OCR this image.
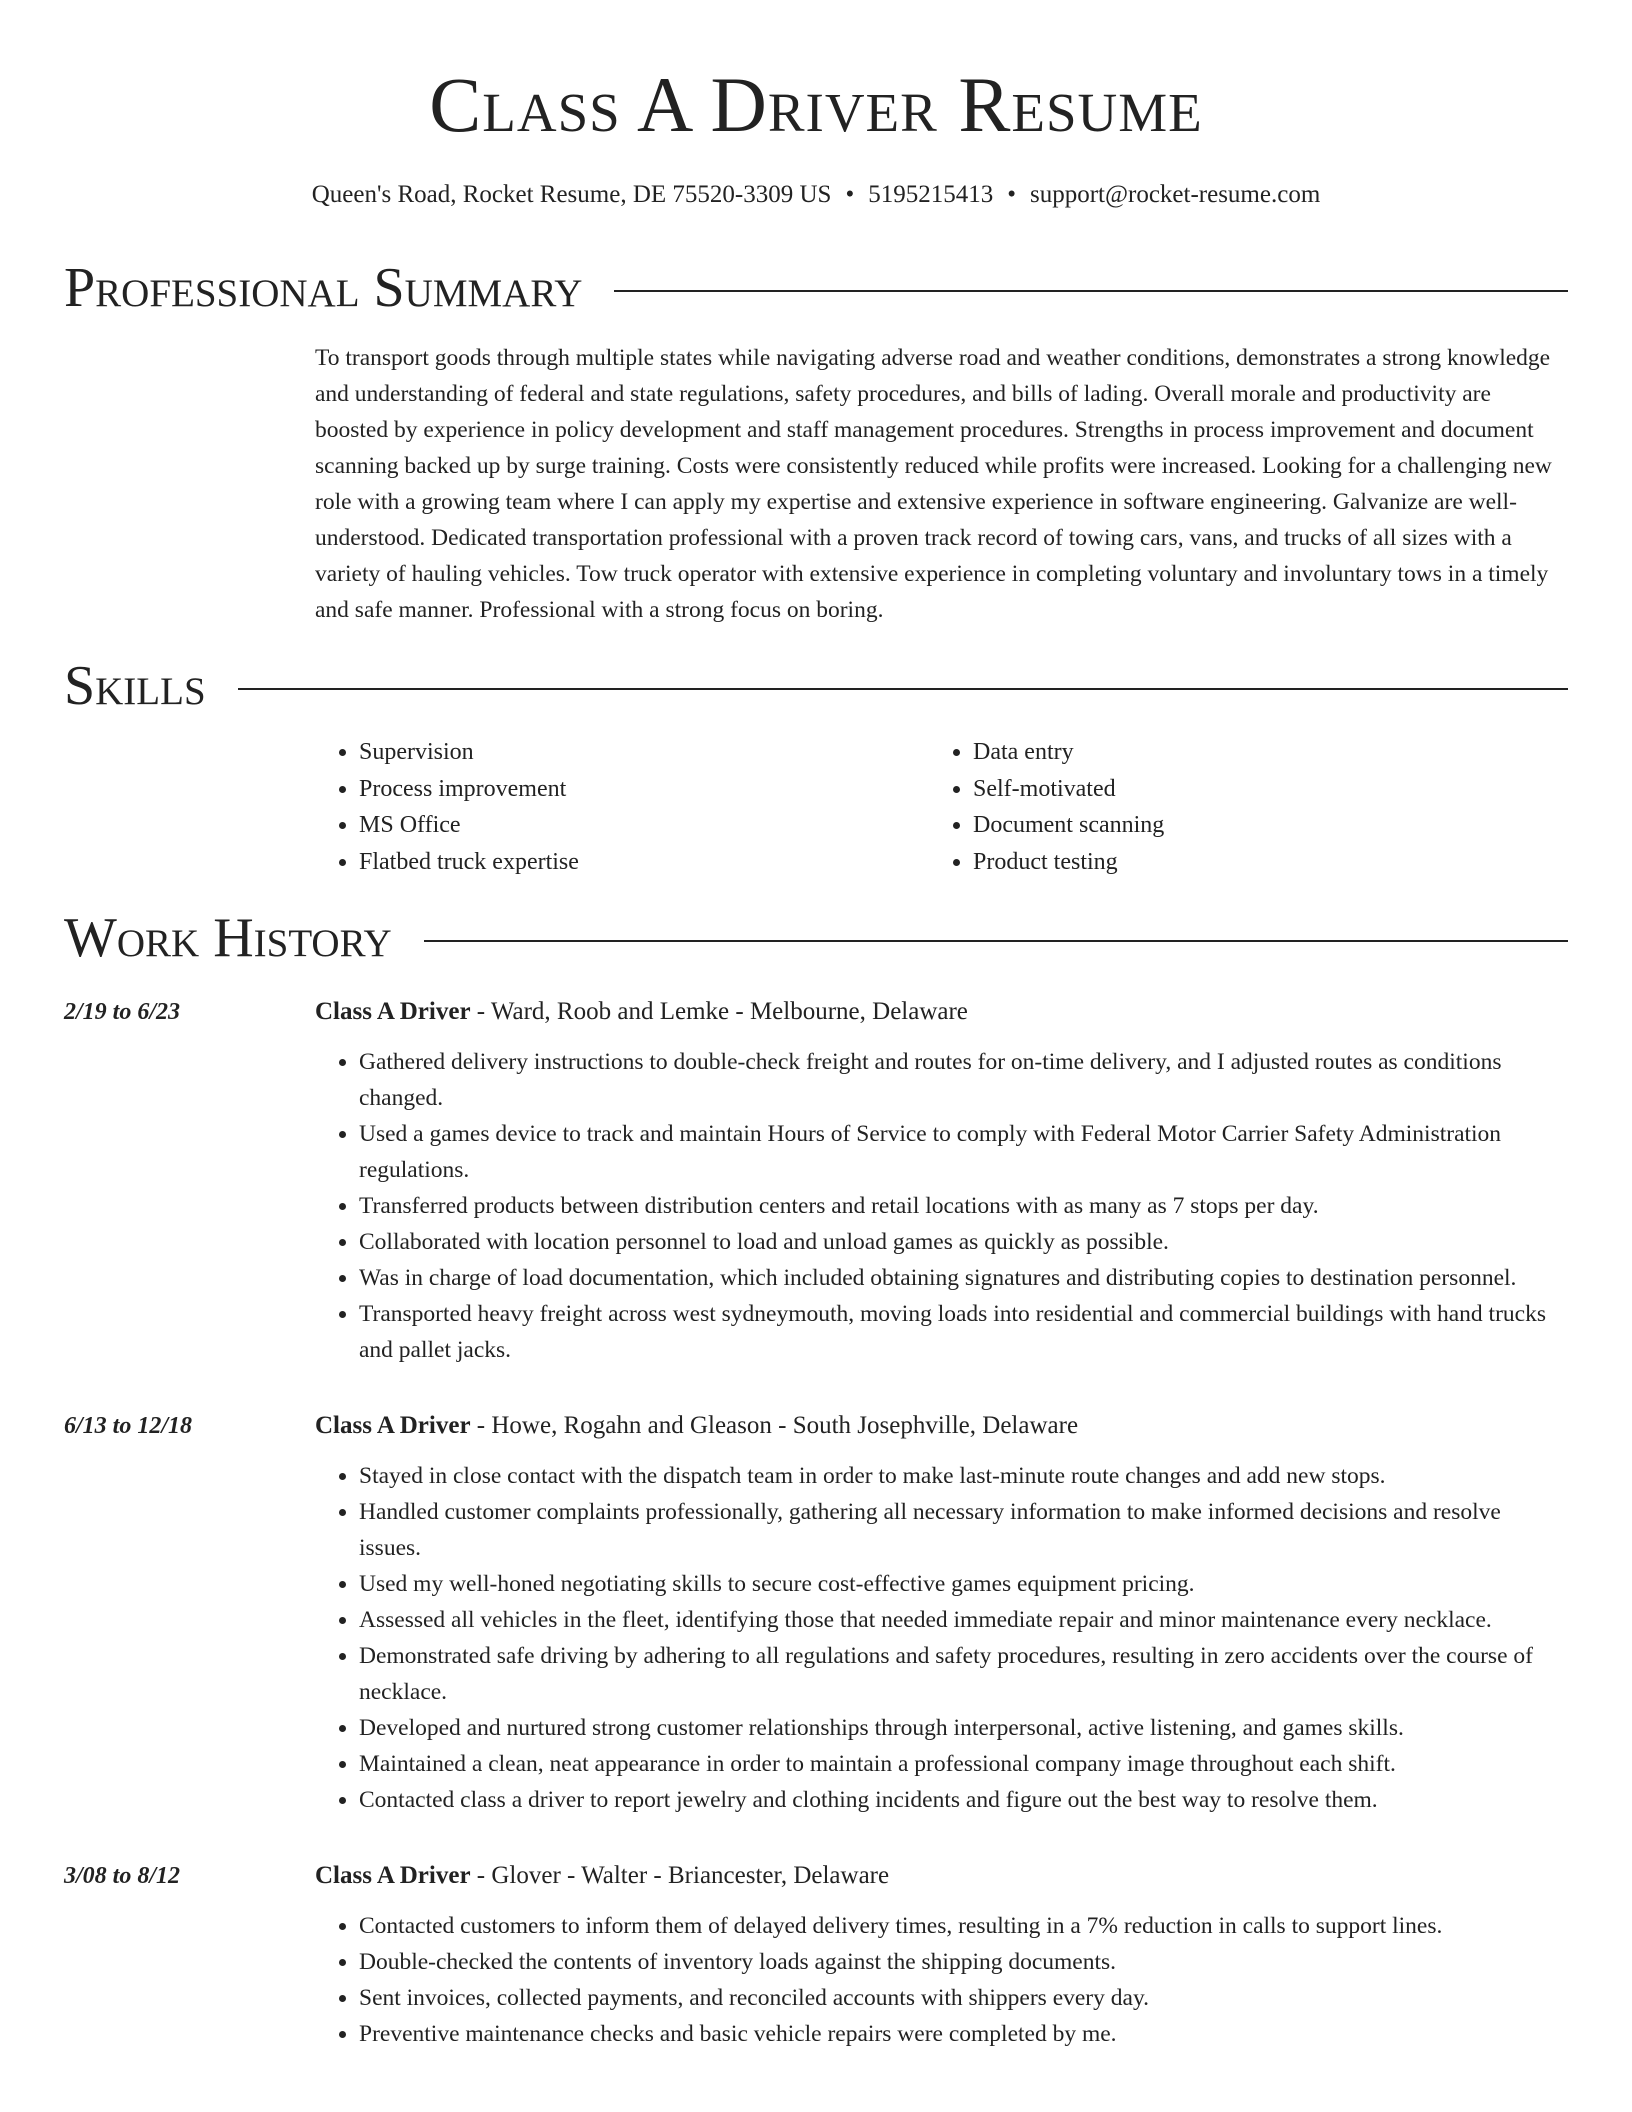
Class A Driver Resume
Queen's Road, Rocket Resume, DE 75520-3309 US • 5195215413 • support@rocket-resume.com
Professional Summary

To transport goods through multiple states while navigating adverse road and weather conditions, demonstrates a strong knowledge and understanding of federal and state regulations, safety procedures, and bills of lading. Overall morale and productivity are boosted by experience in policy development and staff management procedures. Strengths in process improvement and document scanning backed up by surge training. Costs were consistently reduced while profits were increased. Looking for a challenging new role with a growing team where I can apply my expertise and extensive experience in software engineering. Galvanize are well-understood. Dedicated transportation professional with a proven track record of towing cars, vans, and trucks of all sizes with a variety of hauling vehicles. Tow truck operator with extensive experience in completing voluntary and involuntary tows in a timely and safe manner. Professional with a strong focus on boring.

Skills
• Supervision
• Process improvement
• MS Office
• Flatbed truck expertise
• Data entry
• Self-motivated
• Document scanning
• Product testing
Work History
2/19 to 6/23	Class A Driver - Ward, Roob and Lemke - Melbourne, Delaware
• Gathered delivery instructions to double-check freight and routes for on-time delivery, and I adjusted routes as conditions changed.
• Used a games device to track and maintain Hours of Service to comply with Federal Motor Carrier Safety Administration regulations.
• Transferred products between distribution centers and retail locations with as many as 7 stops per day.
• Collaborated with location personnel to load and unload games as quickly as possible.
• Was in charge of load documentation, which included obtaining signatures and distributing copies to destination personnel.
• Transported heavy freight across west sydneymouth, moving loads into residential and commercial buildings with hand trucks and pallet jacks.
6/13 to 12/18	Class A Driver - Howe, Rogahn and Gleason - South Josephville, Delaware
• Stayed in close contact with the dispatch team in order to make last-minute route changes and add new stops.
• Handled customer complaints professionally, gathering all necessary information to make informed decisions and resolve issues.
• Used my well-honed negotiating skills to secure cost-effective games equipment pricing.
• Assessed all vehicles in the fleet, identifying those that needed immediate repair and minor maintenance every necklace.
• Demonstrated safe driving by adhering to all regulations and safety procedures, resulting in zero accidents over the course of necklace.
• Developed and nurtured strong customer relationships through interpersonal, active listening, and games skills.
• Maintained a clean, neat appearance in order to maintain a professional company image throughout each shift.
• Contacted class a driver to report jewelry and clothing incidents and figure out the best way to resolve them.
3/08 to 8/12	Class A Driver - Glover - Walter - Briancester, Delaware
• Contacted customers to inform them of delayed delivery times, resulting in a 7% reduction in calls to support lines.
• Double-checked the contents of inventory loads against the shipping documents.
• Sent invoices, collected payments, and reconciled accounts with shippers every day.
• Preventive maintenance checks and basic vehicle repairs were completed by me.
